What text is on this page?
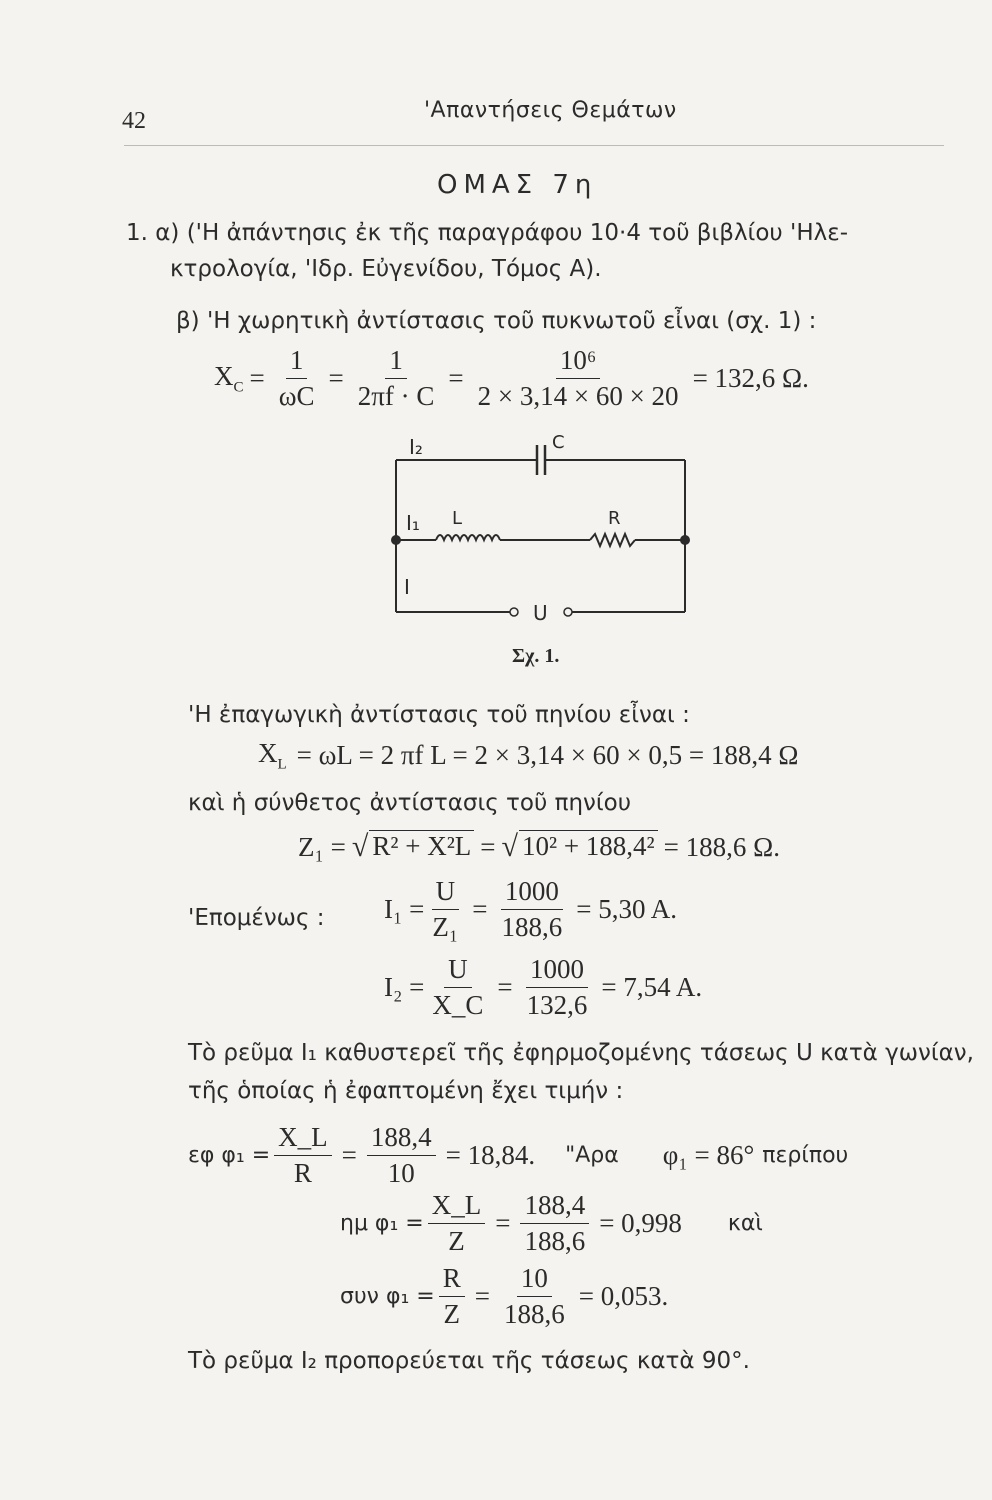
42	'Απαντήσεις Θεμάτων
ΟΜΑΣ 7η
1. α) ('Η ἀπάντησις ἐκ τῆς παραγράφου 10·4 τοῦ βιβλίου 'Ηλε-
κτρολογία, 'Ιδρ. Εὐγενίδου, Τόμος Α).
β) 'Η χωρητικὴ ἀντίστασις τοῦ πυκνωτοῦ εἶναι (σχ. 1) :
$X_C = \frac{1}{\omega C} = \frac{1}{2\pi f \cdot C} = \frac{\text{10⁶}}{2 \times 3,14 \times 60 \times 20} = 132,6$ Ω.
I₂	C
I₁ L	R
I
U
Σχ. 1.
'Η ἐπαγωγικὴ ἀντίστασις τοῦ πηνίου εἶναι :
$X_L = \omega L = 2$ πf L = 2 × 3,14 × 60 × 0,5 = 188,4 Ω
καὶ ἡ σύνθετος ἀντίστασις τοῦ πηνίου
Z₁ = √ R² + X²L = √ 10² + 188,4² = 188,6 Ω.
'Επομένως : $I_1 = \frac{U}{\text{Z₁}} = \frac{1000}{188,6} = 5,30$ A.
$I_2 = \frac{U}{X\_C} = \frac{1000}{132,6} = 7,54$ A.
Τὸ ρεῦμα I₁ καθυστερεῖ τῆς ἐφηρμοζομένης τάσεως U κατὰ γωνίαν,
τῆς ὁποίας ἡ ἐφαπτομένη ἔχει τιμήν :
εφ $\varphi_1 = \frac{X\_L}{R} = \frac{188,4}{10} = 18,84$. "Αρα φ₁ = 86° περίπου
ημ $\varphi_1 = \frac{X\_L}{Z} = \frac{188,4}{188,6} = 0,998$ καὶ
συν $\varphi_1 = \frac{R}{Z} = \frac{10}{188,6} = 0,053$.
Τὸ ρεῦμα I₂ προπορεύεται τῆς τάσεως κατὰ 90°.
